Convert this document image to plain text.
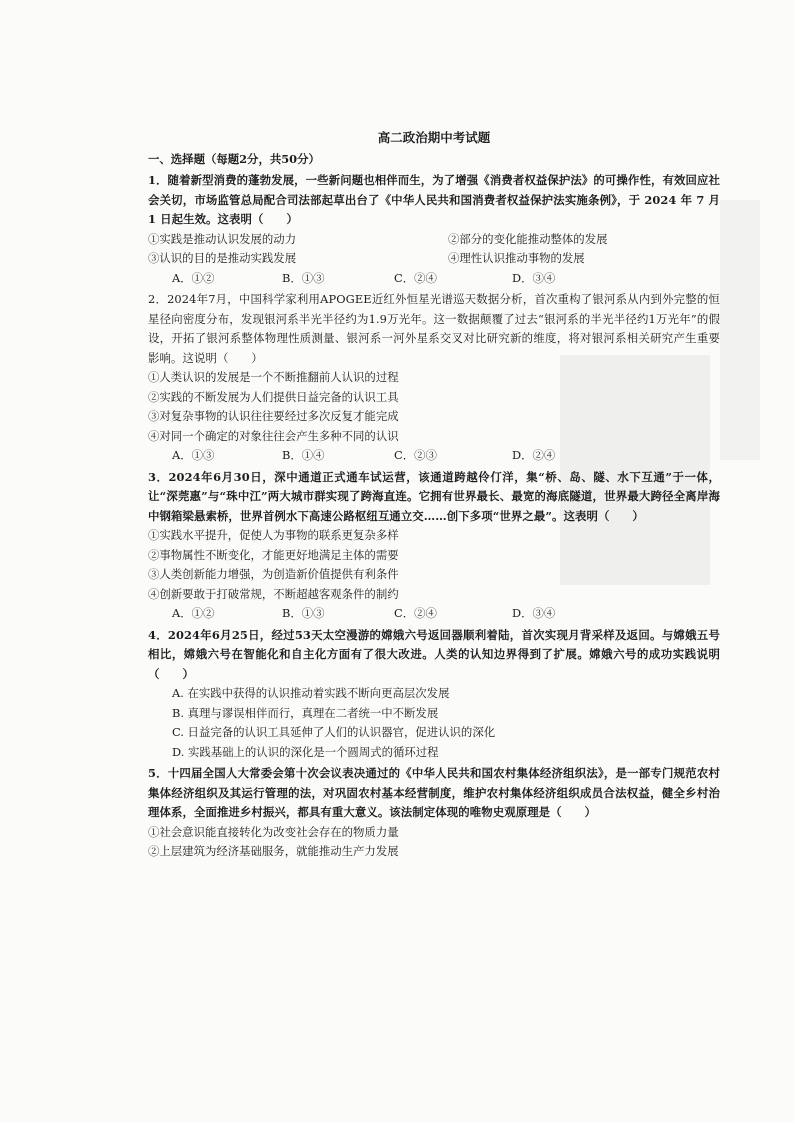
高二政治期中考试题

一、选择题（每题2分，共50分）

1．随着新型消费的蓬勃发展，一些新问题也相伴而生，为了增强《消费者权益保护法》的可操作性，有效回应社会关切，市场监管总局配合司法部起草出台了《中华人民共和国消费者权益保护法实施条例》，于 2024 年 7 月 1 日起生效。这表明（　　）

①实践是推动认识发展的动力	②部分的变化能推动整体的发展

③认识的目的是推动实践发展	④理性认识推动事物的发展

A．①②	B．①③	C．②④	D．③④

2．2024年7月，中国科学家利用APOGEE近红外恒星光谱巡天数据分析，首次重构了银河系从内到外完整的恒星径向密度分布，发现银河系半光半径约为1.9万光年。这一数据颠覆了过去“银河系的半光半径约1万光年”的假设，开拓了银河系整体物理性质测量、银河系一河外星系交叉对比研究新的维度，将对银河系相关研究产生重要影响。这说明（　　）

①人类认识的发展是一个不断推翻前人认识的过程

②实践的不断发展为人们提供日益完备的认识工具

③对复杂事物的认识往往要经过多次反复才能完成

④对同一个确定的对象往往会产生多种不同的认识

A．①③	B．①④	C．②③	D．②④

3．2024年6月30日，深中通道正式通车试运营，该通道跨越伶仃洋，集“桥、岛、隧、水下互通”于一体，让“深莞惠”与“珠中江”两大城市群实现了跨海直连。它拥有世界最长、最宽的海底隧道，世界最大跨径全离岸海中钢箱梁悬索桥，世界首例水下高速公路枢纽互通立交……创下多项“世界之最”。这表明（　　）

①实践水平提升，促使人为事物的联系更复杂多样

②事物属性不断变化，才能更好地满足主体的需要

③人类创新能力增强，为创造新价值提供有利条件

④创新要敢于打破常规，不断超越客观条件的制约

A．①②	B．①③	C．②④	D．③④

4．2024年6月25日，经过53天太空漫游的嫦娥六号返回器顺利着陆，首次实现月背采样及返回。与嫦娥五号相比，嫦娥六号在智能化和自主化方面有了很大改进。人类的认知边界得到了扩展。嫦娥六号的成功实践说明（　　）

A. 在实践中获得的认识推动着实践不断向更高层次发展

B. 真理与谬误相伴而行，真理在二者统一中不断发展

C. 日益完备的认识工具延伸了人们的认识器官，促进认识的深化

D. 实践基础上的认识的深化是一个圆周式的循环过程

5．十四届全国人大常委会第十次会议表决通过的《中华人民共和国农村集体经济组织法》，是一部专门规范农村集体经济组织及其运行管理的法，对巩固农村基本经营制度，维护农村集体经济组织成员合法权益，健全乡村治理体系，全面推进乡村振兴，都具有重大意义。该法制定体现的唯物史观原理是（　　）

①社会意识能直接转化为改变社会存在的物质力量

②上层建筑为经济基础服务，就能推动生产力发展
